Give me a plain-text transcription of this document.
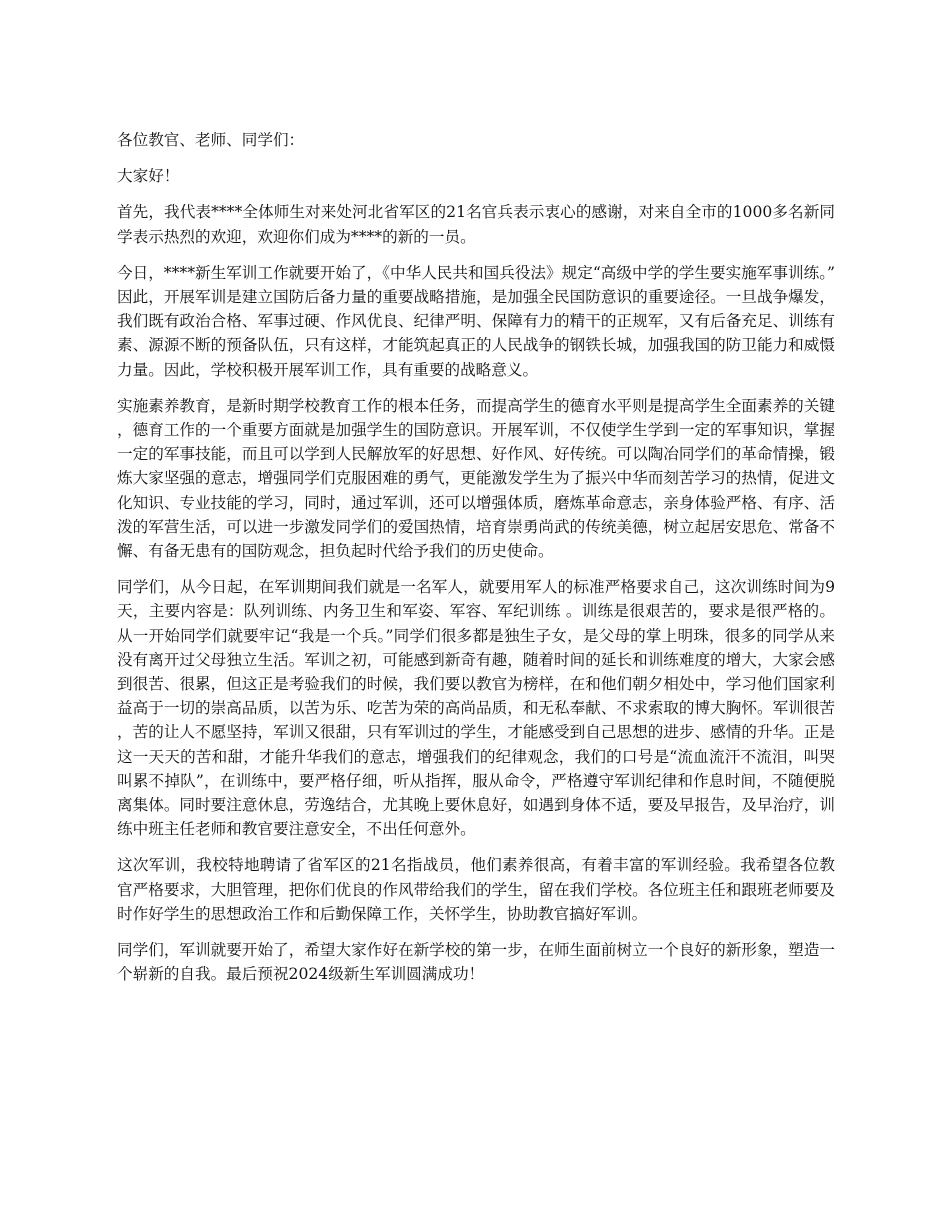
各位教官、老师、同学们：

大家好！

首先，我代表****全体师生对来处河北省军区的21名官兵表示衷心的感谢，对来自全市的1000多名新同学表示热烈的欢迎，欢迎你们成为****的新的一员。

今日，****新生军训工作就要开始了，《中华人民共和国兵役法》规定“高级中学的学生要实施军事训练。”因此，开展军训是建立国防后备力量的重要战略措施，是加强全民国防意识的重要途径。一旦战争爆发，我们既有政治合格、军事过硬、作风优良、纪律严明、保障有力的精干的正规军，又有后备充足、训练有素、源源不断的预备队伍，只有这样，才能筑起真正的人民战争的钢铁长城，加强我国的防卫能力和威慑力量。因此，学校积极开展军训工作，具有重要的战略意义。

实施素养教育，是新时期学校教育工作的根本任务，而提高学生的德育水平则是提高学生全面素养的关键，德育工作的一个重要方面就是加强学生的国防意识。开展军训，不仅使学生学到一定的军事知识，掌握一定的军事技能，而且可以学到人民解放军的好思想、好作风、好传统。可以陶冶同学们的革命情操，锻炼大家坚强的意志，增强同学们克服困难的勇气，更能激发学生为了振兴中华而刻苦学习的热情，促进文化知识、专业技能的学习，同时，通过军训，还可以增强体质，磨炼革命意志，亲身体验严格、有序、活泼的军营生活，可以进一步激发同学们的爱国热情，培育崇勇尚武的传统美德，树立起居安思危、常备不懈、有备无患有的国防观念，担负起时代给予我们的历史使命。

同学们，从今日起，在军训期间我们就是一名军人，就要用军人的标准严格要求自己，这次训练时间为9天，主要内容是：队列训练、内务卫生和军姿、军容、军纪训练 。训练是很艰苦的，要求是很严格的。从一开始同学们就要牢记“我是一个兵。”同学们很多都是独生子女，是父母的掌上明珠，很多的同学从来没有离开过父母独立生活。军训之初，可能感到新奇有趣，随着时间的延长和训练难度的增大，大家会感到很苦、很累，但这正是考验我们的时候，我们要以教官为榜样，在和他们朝夕相处中，学习他们国家利益高于一切的崇高品质，以苦为乐、吃苦为荣的高尚品质，和无私奉献、不求索取的博大胸怀。军训很苦，苦的让人不愿坚持，军训又很甜，只有军训过的学生，才能感受到自己思想的进步、感情的升华。正是这一天天的苦和甜，才能升华我们的意志，增强我们的纪律观念，我们的口号是“流血流汗不流泪，叫哭叫累不掉队”，在训练中，要严格仔细，听从指挥，服从命令，严格遵守军训纪律和作息时间，不随便脱离集体。同时要注意休息，劳逸结合，尤其晚上要休息好，如遇到身体不适，要及早报告，及早治疗，训练中班主任老师和教官要注意安全，不出任何意外。

这次军训，我校特地聘请了省军区的21名指战员，他们素养很高，有着丰富的军训经验。我希望各位教官严格要求，大胆管理，把你们优良的作风带给我们的学生，留在我们学校。各位班主任和跟班老师要及时作好学生的思想政治工作和后勤保障工作，关怀学生，协助教官搞好军训。

同学们，军训就要开始了，希望大家作好在新学校的第一步，在师生面前树立一个良好的新形象，塑造一个崭新的自我。最后预祝2024级新生军训圆满成功！
